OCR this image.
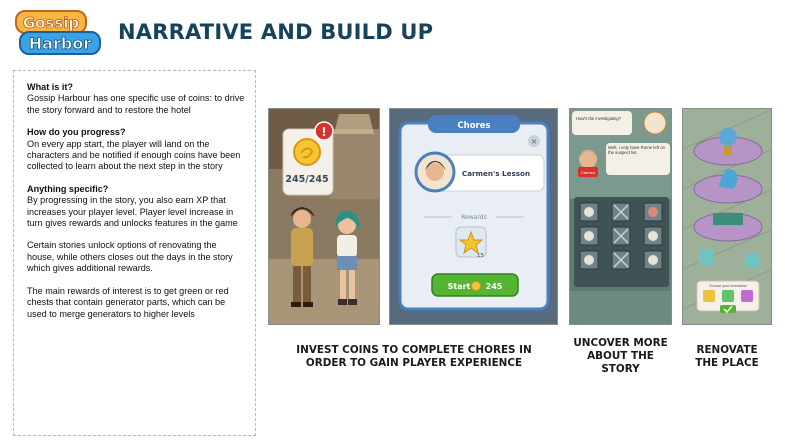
Gossip
Harbor NARRATIVE AND BUILD UP
What is it?
Gossip Harbour has one specific use of coins: to drive the story forward and to restore the hotel
How do you progress?
On every app start, the player will land on the characters and be notified if enough coins have been collected to learn about the next step in the story
Anything specific?
By progressing in the story, you also earn XP that increases your player level. Player level increase in turn gives rewards and unlocks features in the game
Certain stories unlock options of renovating the house, while others closes out the days in the story which gives additional rewards.
The main rewards of interest is to get green or red chests that contain generator parts, which can be used to merge generators to higher levels
245/245
!	Chores
×
Carmen's Lesson
Rewards
15
Start 245
How's the investigating?
Well, I only have Rume left on the suspect list.
Carmen
Choose your renovation
INVEST COINS TO COMPLETE CHORES IN ORDER TO GAIN PLAYER EXPERIENCE
UNCOVER MORE ABOUT THE STORY
RENOVATE THE PLACE
